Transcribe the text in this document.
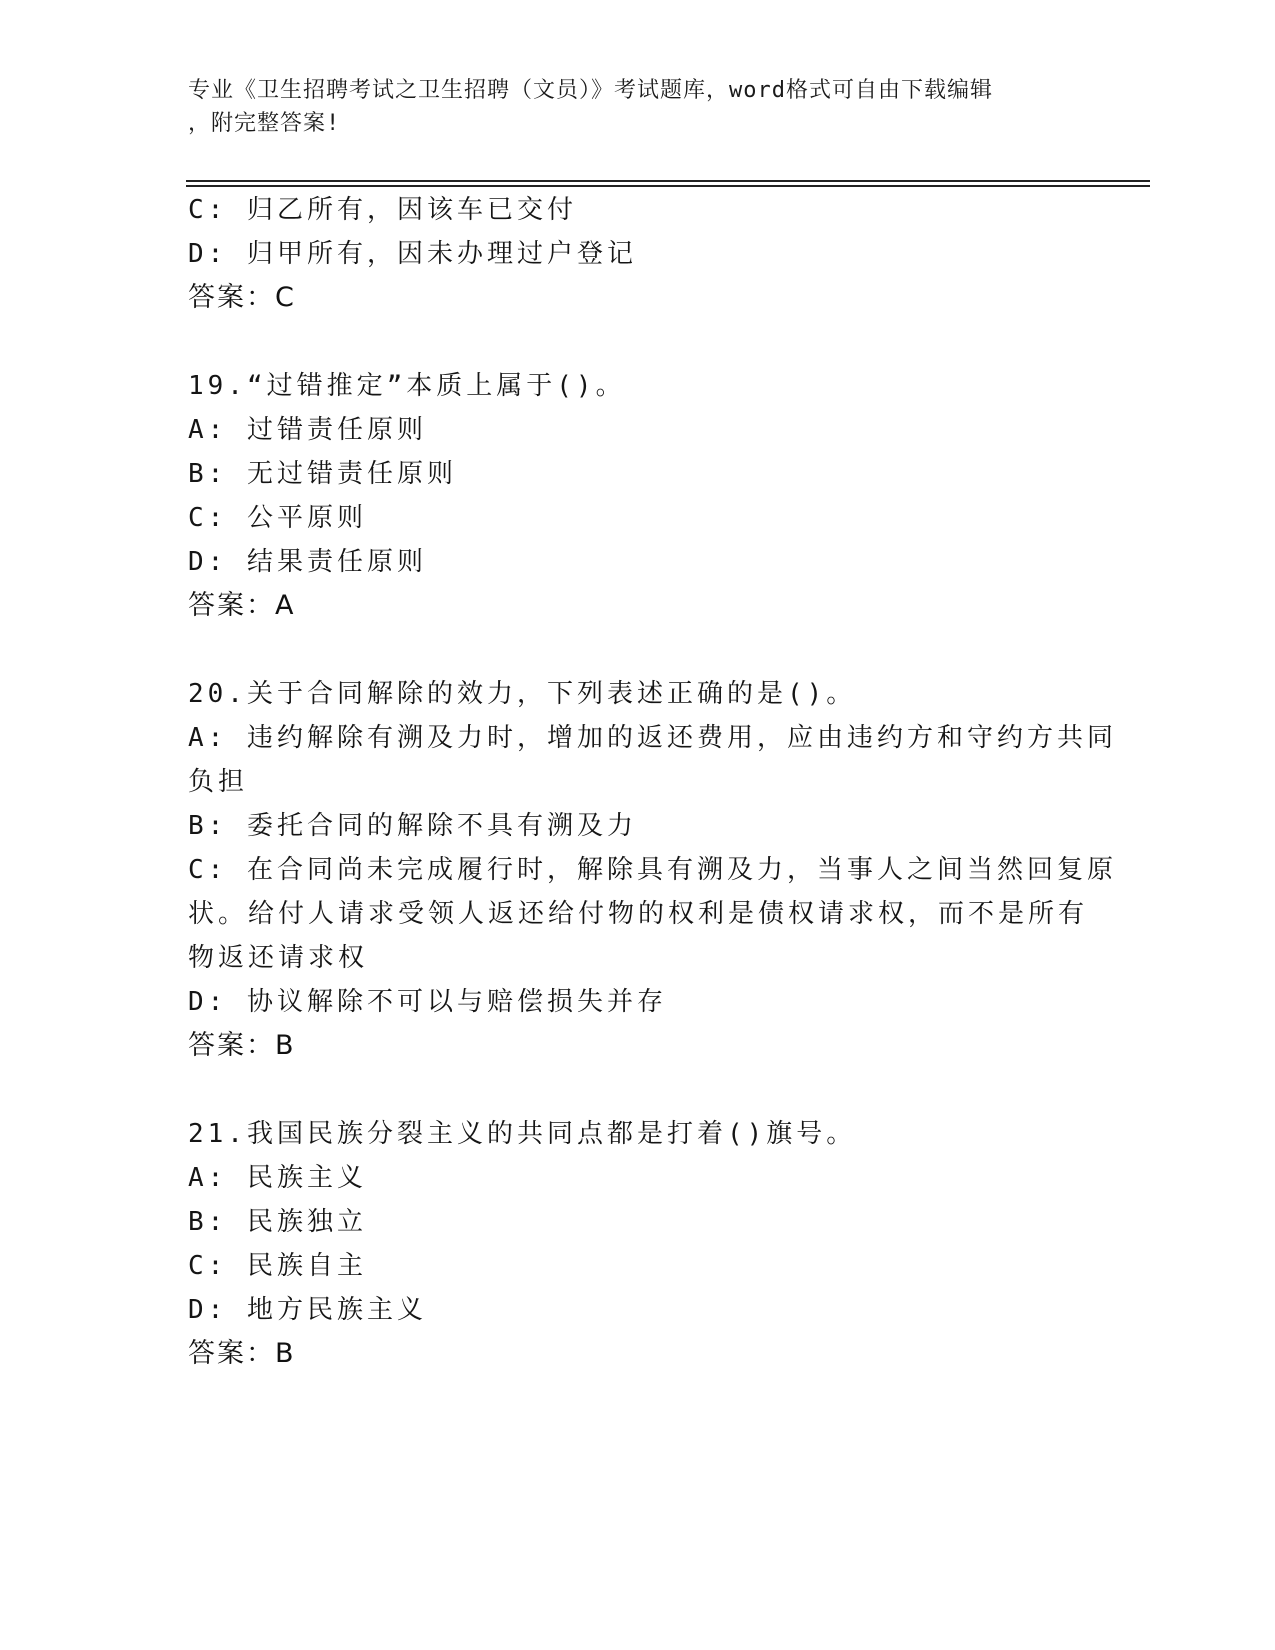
专业《卫生招聘考试之卫生招聘（文员）》考试题库，word格式可自由下载编辑
，附完整答案!
C: 归乙所有，因该车已交付
D: 归甲所有，因未办理过户登记
答案：C
19.“过错推定”本质上属于()。
A: 过错责任原则
B: 无过错责任原则
C: 公平原则
D: 结果责任原则
答案：A
20.关于合同解除的效力，下列表述正确的是()。
A: 违约解除有溯及力时，增加的返还费用，应由违约方和守约方共同
负担
B: 委托合同的解除不具有溯及力
C: 在合同尚未完成履行时，解除具有溯及力，当事人之间当然回复原
状。给付人请求受领人返还给付物的权利是债权请求权，而不是所有
物返还请求权
D: 协议解除不可以与赔偿损失并存
答案：B
21.我国民族分裂主义的共同点都是打着()旗号。
A: 民族主义
B: 民族独立
C: 民族自主
D: 地方民族主义
答案：B
